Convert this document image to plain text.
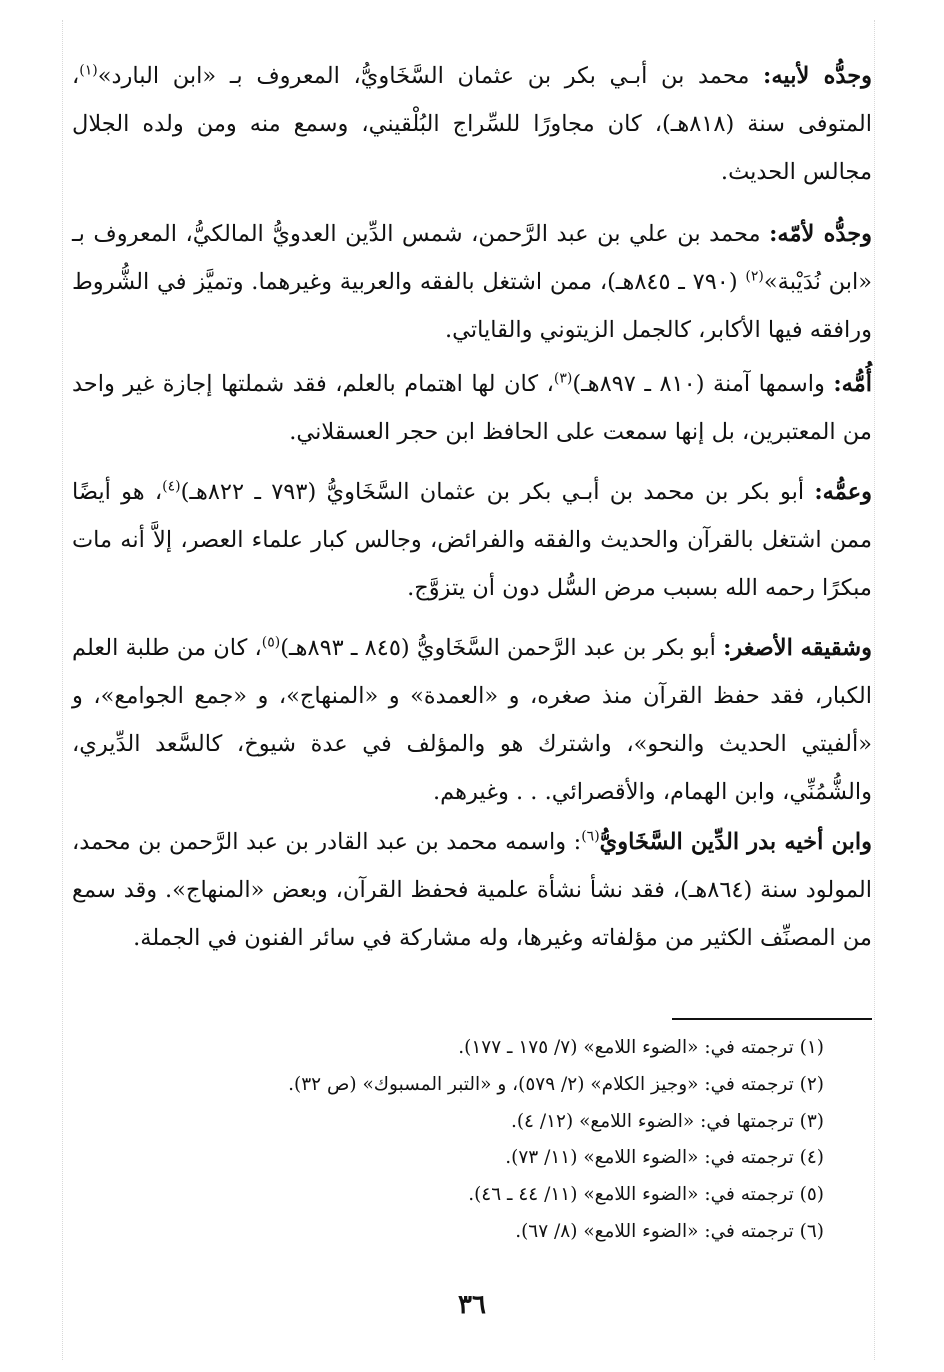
وجدُّه لأبيه: محمد بن أبـي بكر بن عثمان السَّخَاويُّ، المعروف بـ «ابن البارد»$^{(١)}$، المتوفى سنة (٨١٨هـ)، كان مجاورًا للسِّراج البُلْقيني، وسمع منه ومن ولده الجلال مجالس الحديث.

وجدُّه لأمّه: محمد بن علي بن عبد الرَّحمن، شمس الدِّين العدويُّ المالكيُّ، المعروف بـ «ابن نُدَيْبة»$^{(٢)}$ (٧٩٠ ـ ٨٤٥هـ)، ممن اشتغل بالفقه والعربية وغيرهما. وتميَّز في الشُّروط ورافقه فيها الأكابر، كالجمل الزيتوني والقاياتي.

أُمُّه: واسمها آمنة (٨١٠ ـ ٨٩٧هـ)$^{(٣)}$، كان لها اهتمام بالعلم، فقد شملتها إجازة غير واحد من المعتبرين، بل إنها سمعت على الحافظ ابن حجر العسقلاني.

وعمُّه: أبو بكر بن محمد بن أبـي بكر بن عثمان السَّخَاويُّ (٧٩٣ ـ ٨٢٢هـ)$^{(٤)}$، هو أيضًا ممن اشتغل بالقرآن والحديث والفقه والفرائض، وجالس كبار علماء العصر، إلاَّ أنه مات مبكرًا رحمه الله بسبب مرض السُّل دون أن يتزوَّج.

وشقيقه الأصغر: أبو بكر بن عبد الرَّحمن السَّخَاويُّ (٨٤٥ ـ ٨٩٣هـ)$^{(٥)}$، كان من طلبة العلم الكبار، فقد حفظ القرآن منذ صغره، و «العمدة» و «المنهاج»، و «جمع الجوامع»، و «ألفيتي الحديث والنحو»، واشترك هو والمؤلف في عدة شيوخ، كالسَّعد الدِّيري، والشُّمُنِّي، وابن الهمام، والأقصرائي. . . وغيرهم.

وابن أخيه بدر الدِّين السَّخَاويُّ$^{(٦)}$: واسمه محمد بن عبد القادر بن عبد الرَّحمن بن محمد، المولود سنة (٨٦٤هـ)، فقد نشأ نشأة علمية فحفظ القرآن، وبعض «المنهاج». وقد سمع من المصنِّف الكثير من مؤلفاته وغيرها، وله مشاركة في سائر الفنون في الجملة.

(١) ترجمته في: «الضوء اللامع» (٧/ ١٧٥ ـ ١٧٧).
(٢) ترجمته في: «وجيز الكلام» (٢/ ٥٧٩)، و «التبر المسبوك» (ص ٣٢).
(٣) ترجمتها في: «الضوء اللامع» (١٢/ ٤).
(٤) ترجمته في: «الضوء اللامع» (١١/ ٧٣).
(٥) ترجمته في: «الضوء اللامع» (١١/ ٤٤ ـ ٤٦).
(٦) ترجمته في: «الضوء اللامع» (٨/ ٦٧).
٣٦
